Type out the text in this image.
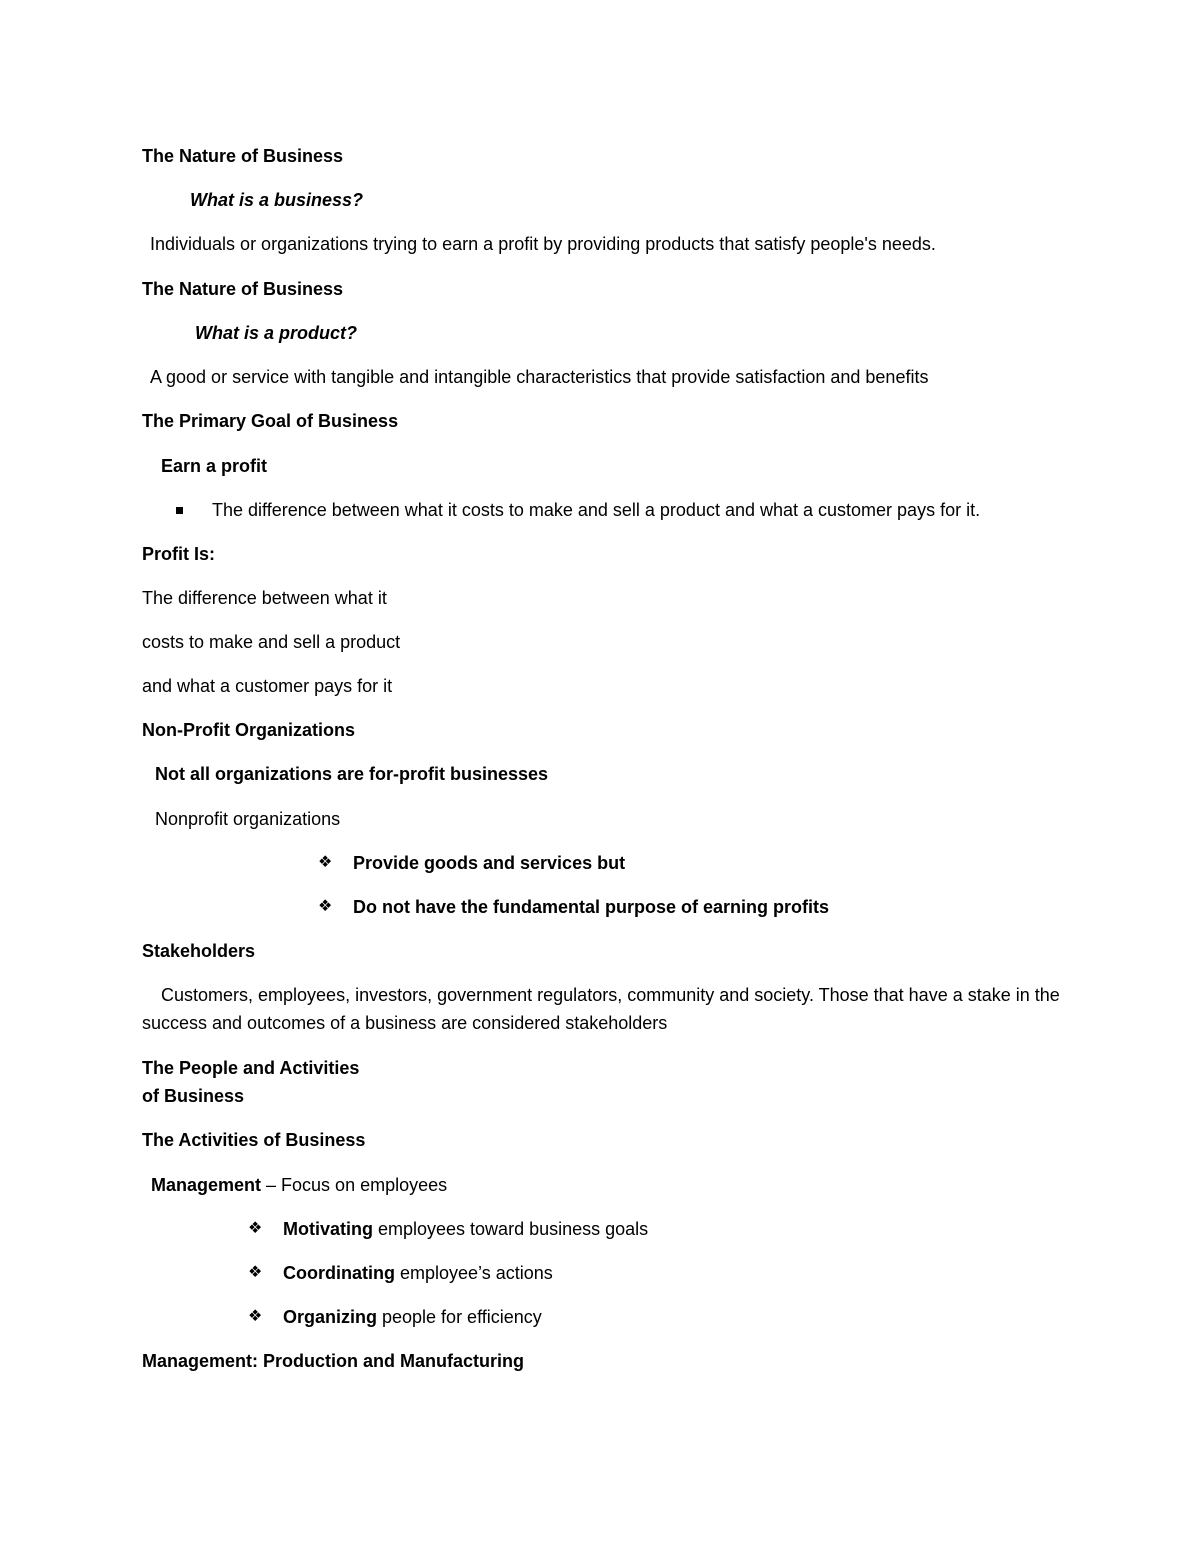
The Nature of Business
What is a business?
Individuals or organizations trying to earn a profit by providing products that satisfy people's needs.
The Nature of Business
What is a product?
A good or service with tangible and intangible characteristics that provide satisfaction and benefits
The Primary Goal of Business
Earn a profit
The difference between what it costs to make and sell a product and what a customer pays for it.
Profit Is:
The difference between what it
costs to make and sell a product
and what a customer pays for it
Non-Profit Organizations
Not all organizations are for-profit businesses
Nonprofit organizations
❖ Provide goods and services but
❖ Do not have the fundamental purpose of earning profits
Stakeholders
Customers, employees, investors, government regulators, community and society. Those that have a stake in the success and outcomes of a business are considered stakeholders
The People and Activities
of Business
The Activities of Business
Management – Focus on employees
❖ Motivating employees toward business goals
❖ Coordinating employee’s actions
❖ Organizing people for efficiency
Management: Production and Manufacturing
